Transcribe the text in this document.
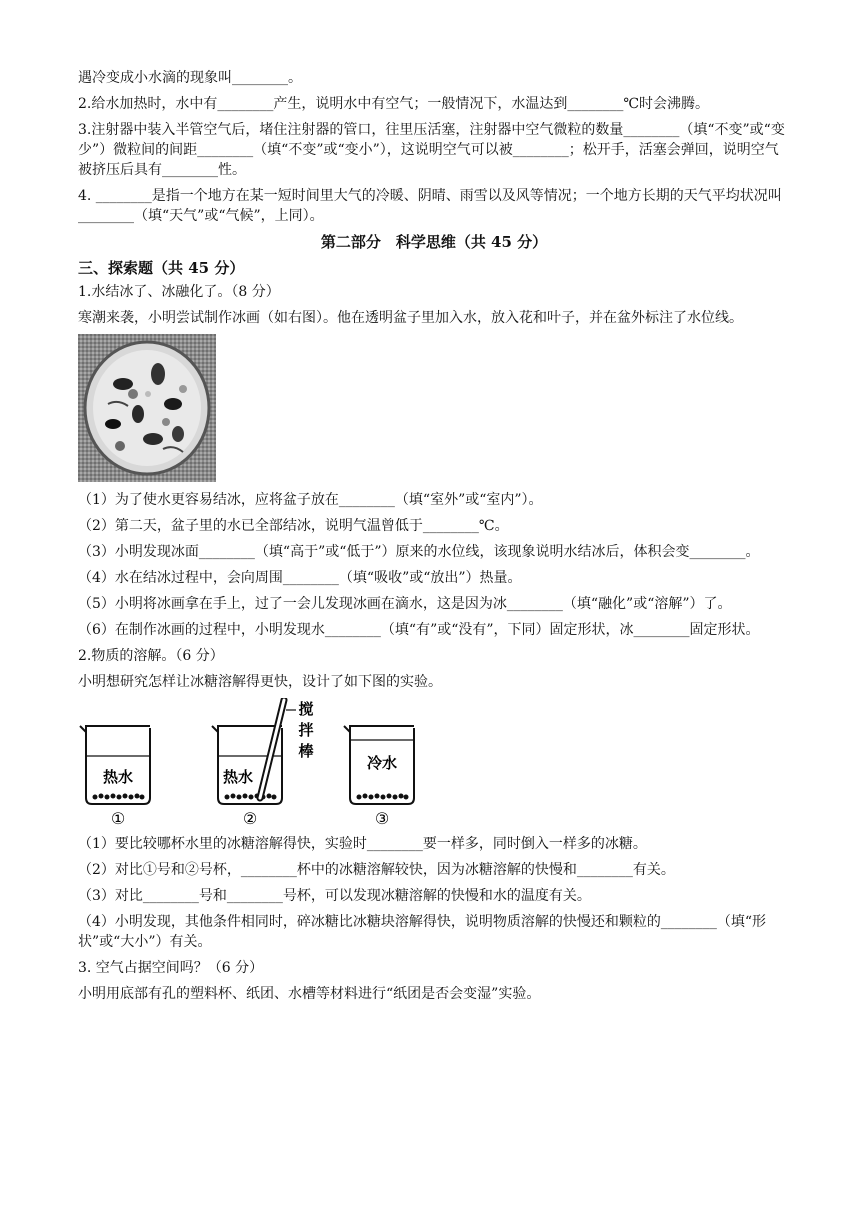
遇冷变成小水滴的现象叫________。

2.给水加热时，水中有________产生，说明水中有空气；一般情况下，水温达到________℃时会沸腾。

3.注射器中装入半管空气后，堵住注射器的管口，往里压活塞，注射器中空气微粒的数量________（填“不变”或“变少”）微粒间的间距________（填“不变”或“变小”），这说明空气可以被________；松开手，活塞会弹回，说明空气被挤压后具有________性。

4. ________是指一个地方在某一短时间里大气的冷暖、阴晴、雨雪以及风等情况；一个地方长期的天气平均状况叫________（填“天气”或“气候”，上同）。

第二部分　科学思维（共 45 分）
三、探索题（共 45 分）

1.水结冰了、冰融化了。（8 分）

寒潮来袭，小明尝试制作冰画（如右图）。他在透明盆子里加入水，放入花和叶子，并在盆外标注了水位线。

（1）为了使水更容易结冰，应将盆子放在________（填“室外”或“室内”）。

（2）第二天，盆子里的水已全部结冰，说明气温曾低于________℃。

（3）小明发现冰面________（填“高于”或“低于”）原来的水位线，该现象说明水结冰后，体积会变________。

（4）水在结冰过程中，会向周围________（填“吸收”或“放出”）热量。

（5）小明将冰画拿在手上，过了一会儿发现冰画在滴水，这是因为冰________（填“融化”或“溶解”）了。

（6）在制作冰画的过程中，小明发现水________（填“有”或“没有”，下同）固定形状，冰________固定形状。

2.物质的溶解。（6 分）

小明想研究怎样让冰糖溶解得更快，设计了如下图的实验。

热水
①
热水
搅
拌
棒
②
冷水
③

（1）要比较哪杯水里的冰糖溶解得快，实验时________要一样多，同时倒入一样多的冰糖。

（2）对比①号和②号杯，________杯中的冰糖溶解较快，因为冰糖溶解的快慢和________有关。

（3）对比________号和________号杯，可以发现冰糖溶解的快慢和水的温度有关。

（4）小明发现，其他条件相同时，碎冰糖比冰糖块溶解得快，说明物质溶解的快慢还和颗粒的________（填“形状”或“大小”）有关。

3. 空气占据空间吗？（6 分）

小明用底部有孔的塑料杯、纸团、水槽等材料进行“纸团是否会变湿”实验。
